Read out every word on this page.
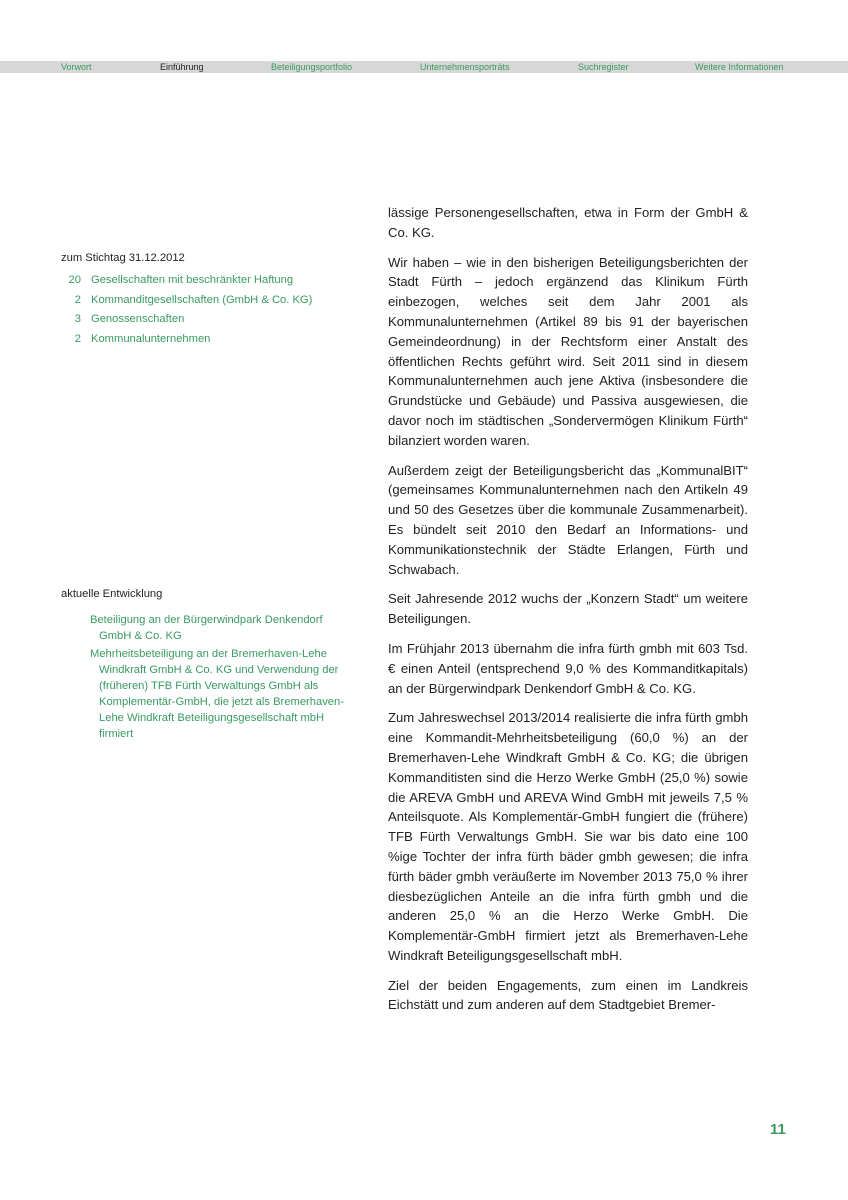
Vorwort	Einführung	Beteiligungsportfolio	Unternehmensporträts	Suchregister	Weitere Informationen
zum Stichtag 31.12.2012
20 Gesellschaften mit beschränkter Haftung
2 Kommanditgesellschaften (GmbH & Co. KG)
3 Genossenschaften
2 Kommunalunternehmen
aktuelle Entwicklung

Beteiligung an der Bürgerwindpark Denkendorf GmbH & Co. KG

Mehrheitsbeteiligung an der Bremerhaven-Lehe Windkraft GmbH & Co. KG und Verwendung der (früheren) TFB Fürth Verwaltungs GmbH als Komplementär-GmbH, die jetzt als Bremerhaven-Lehe Windkraft Beteiligungsgesellschaft mbH firmiert

lässige Personengesellschaften, etwa in Form der GmbH & Co. KG.

Wir haben – wie in den bisherigen Beteiligungsberichten der Stadt Fürth – jedoch ergänzend das Klinikum Fürth einbezogen, welches seit dem Jahr 2001 als Kommunalunternehmen (Artikel 89 bis 91 der bayerischen Gemeindeordnung) in der Rechtsform einer Anstalt des öffentlichen Rechts geführt wird. Seit 2011 sind in diesem Kommunalunternehmen auch jene Aktiva (insbesondere die Grundstücke und Gebäude) und Passiva ausgewiesen, die davor noch im städtischen „Sondervermögen Klinikum Fürth“ bilanziert worden waren.

Außerdem zeigt der Beteiligungsbericht das „KommunalBIT“ (gemeinsames Kommunalunternehmen nach den Artikeln 49 und 50 des Gesetzes über die kommunale Zusammenarbeit). Es bündelt seit 2010 den Bedarf an Informations- und Kommunikationstechnik der Städte Erlangen, Fürth und Schwabach.

Seit Jahresende 2012 wuchs der „Konzern Stadt“ um weitere Beteiligungen.

Im Frühjahr 2013 übernahm die infra fürth gmbh mit 603 Tsd. € einen Anteil (entsprechend 9,0 % des Kommanditkapitals) an der Bürgerwindpark Denkendorf GmbH & Co. KG.

Zum Jahreswechsel 2013/2014 realisierte die infra fürth gmbh eine Kommandit-Mehrheitsbeteiligung (60,0 %) an der Bremerhaven-Lehe Windkraft GmbH & Co. KG; die übrigen Kommanditisten sind die Herzo Werke GmbH (25,0 %) sowie die AREVA GmbH und AREVA Wind GmbH mit jeweils 7,5 % Anteilsquote. Als Komplementär-GmbH fungiert die (frühere) TFB Fürth Verwaltungs GmbH. Sie war bis dato eine 100 %ige Tochter der infra fürth bäder gmbh gewesen; die infra fürth bäder gmbh veräußerte im November 2013 75,0 % ihrer diesbezüglichen Anteile an die infra fürth gmbh und die anderen 25,0 % an die Herzo Werke GmbH. Die Komplementär-GmbH firmiert jetzt als Bremerhaven-Lehe Windkraft Beteiligungsgesellschaft mbH.

Ziel der beiden Engagements, zum einen im Landkreis Eichstätt und zum anderen auf dem Stadtgebiet Bremer-

11
